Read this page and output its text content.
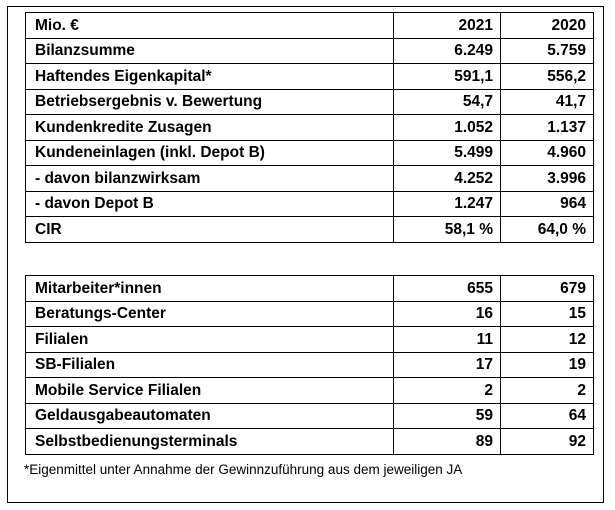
Mio. €	2021	2020
Bilanzsumme	6.249	5.759
Haftendes Eigenkapital*	591,1	556,2
Betriebsergebnis v. Bewertung	54,7	41,7
Kundenkredite Zusagen	1.052	1.137
Kundeneinlagen (inkl. Depot B)	5.499	4.960
- davon bilanzwirksam	4.252	3.996
- davon Depot B	1.247	964
CIR	58,1 %	64,0 %
Mitarbeiter*innen	655	679
Beratungs-Center	16	15
Filialen	11	12
SB-Filialen	17	19
Mobile Service Filialen	2	2
Geldausgabeautomaten	59	64
Selbstbedienungsterminals	89	92
*Eigenmittel unter Annahme der Gewinnzuführung aus dem jeweiligen JA
